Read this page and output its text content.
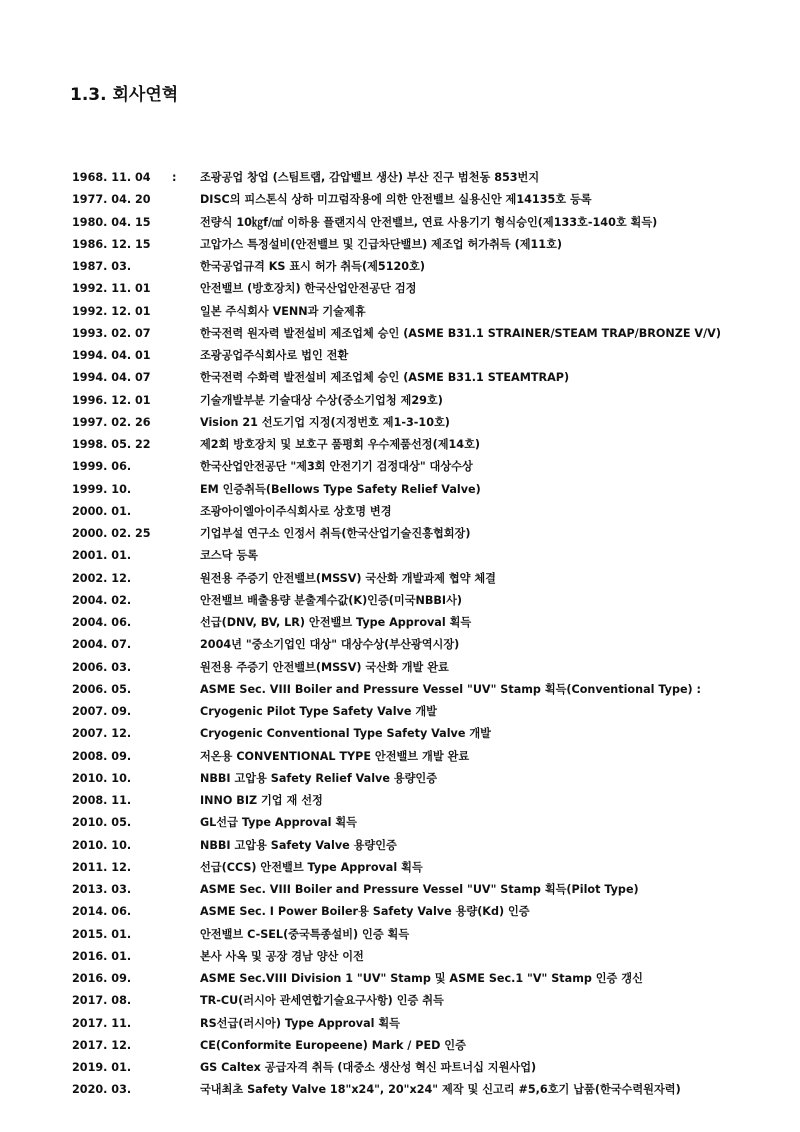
1.3. 회사연혁
1968. 11. 04	:	조광공업 창업 (스팀트랩, 감압밸브 생산) 부산 진구 범천동 853번지
1977. 04. 20	DISC의 피스톤식 상하 미끄럼작용에 의한 안전밸브 실용신안 제14135호 등록
1980. 04. 15	전량식 10㎏f/㎠ 이하용 플랜지식 안전밸브, 연료 사용기기 형식승인(제133호-140호 획득)
1986. 12. 15	고압가스 특정설비(안전밸브 및 긴급차단밸브) 제조업 허가취득 (제11호)
1987. 03.	한국공업규격 KS 표시 허가 취득(제5120호)
1992. 11. 01	안전밸브 (방호장치) 한국산업안전공단 검정
1992. 12. 01	일본 주식회사 VENN과 기술제휴
1993. 02. 07	한국전력 원자력 발전설비 제조업체 승인 (ASME B31.1 STRAINER/STEAM TRAP/BRONZE V/V)
1994. 04. 01	조광공업주식회사로 법인 전환
1994. 04. 07	한국전력 수화력 발전설비 제조업체 승인 (ASME B31.1 STEAMTRAP)
1996. 12. 01	기술개발부분 기술대상 수상(중소기업청 제29호)
1997. 02. 26	Vision 21 선도기업 지정(지정번호 제1-3-10호)
1998. 05. 22	제2회 방호장치 및 보호구 품평회 우수제품선정(제14호)
1999. 06.	한국산업안전공단 "제3회 안전기기 검정대상" 대상수상
1999. 10.	EM 인증취득(Bellows Type Safety Relief Valve)
2000. 01.	조광아이엘아이주식회사로 상호명 변경
2000. 02. 25	기업부설 연구소 인정서 취득(한국산업기술진흥협회장)
2001. 01.	코스닥 등록
2002. 12.	원전용 주증기 안전밸브(MSSV) 국산화 개발과제 협약 체결
2004. 02.	안전밸브 배출용량 분출계수값(K)인증(미국NBBI사)
2004. 06.	선급(DNV, BV, LR) 안전밸브 Type Approval 획득
2004. 07.	2004년 "중소기업인 대상" 대상수상(부산광역시장)
2006. 03.	원전용 주증기 안전밸브(MSSV) 국산화 개발 완료
2006. 05.	ASME Sec. VIII Boiler and Pressure Vessel "UV" Stamp 획득(Conventional Type) :
2007. 09.	Cryogenic Pilot Type Safety Valve 개발
2007. 12.	Cryogenic Conventional Type Safety Valve 개발
2008. 09.	저온용 CONVENTIONAL TYPE 안전밸브 개발 완료
2010. 10.	NBBI 고압용 Safety Relief Valve 용량인증
2008. 11.	INNO BIZ 기업 재 선정
2010. 05.	GL선급 Type Approval 획득
2010. 10.	NBBI 고압용 Safety Valve 용량인증
2011. 12.	선급(CCS) 안전밸브 Type Approval 획득
2013. 03.	ASME Sec. VIII Boiler and Pressure Vessel "UV" Stamp 획득(Pilot Type)
2014. 06.	ASME Sec. I Power Boiler용 Safety Valve 용량(Kd) 인증
2015. 01.	안전밸브 C-SEL(중국특종설비) 인증 획득
2016. 01.	본사 사옥 및 공장 경남 양산 이전
2016. 09.	ASME Sec.VIII Division 1 "UV" Stamp 및 ASME Sec.1 "V" Stamp 인증 갱신
2017. 08.	TR-CU(러시아 관세연합기술요구사항) 인증 취득
2017. 11.	RS선급(러시아) Type Approval 획득
2017. 12.	CE(Conformite Europeene) Mark / PED 인증
2019. 01.	GS Caltex 공급자격 취득 (대중소 생산성 혁신 파트너십 지원사업)
2020. 03.	국내최초 Safety Valve 18"x24", 20"x24" 제작 및 신고리 #5,6호기 납품(한국수력원자력)
